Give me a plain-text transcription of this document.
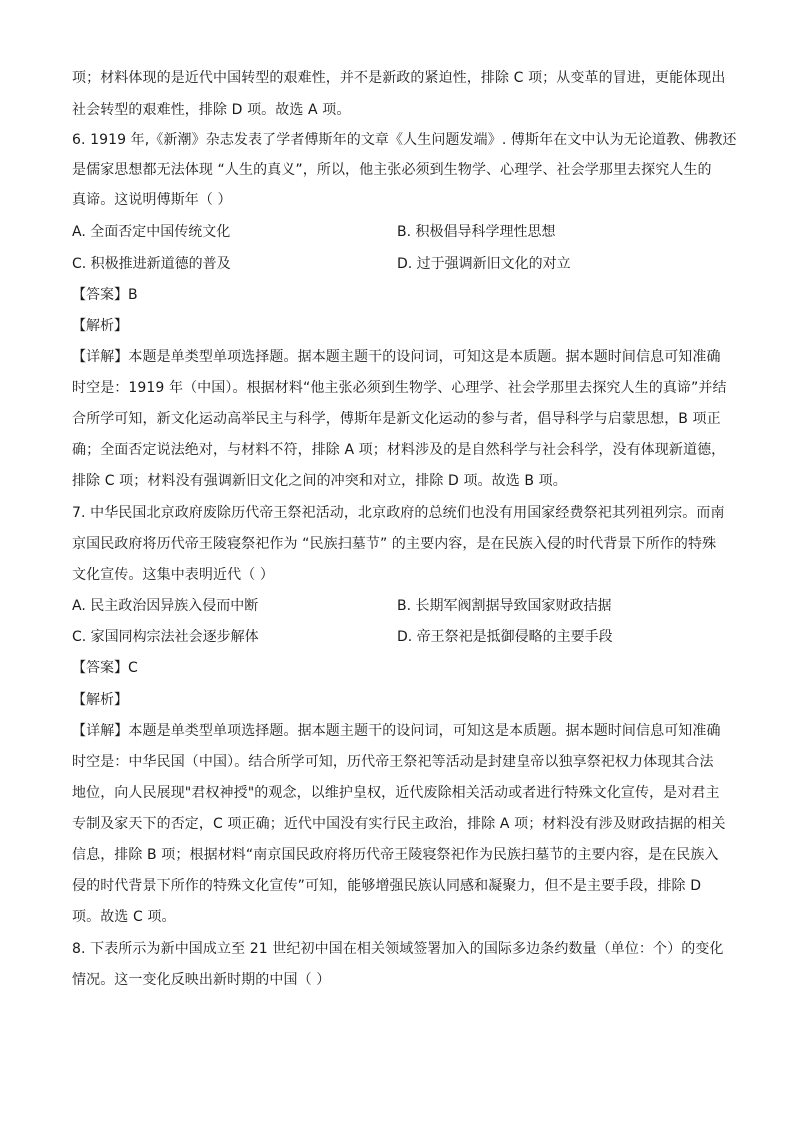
项；材料体现的是近代中国转型的艰难性，并不是新政的紧迫性，排除 C 项；从变革的冒进，更能体现出
社会转型的艰难性，排除 D 项。故选 A 项。
6. 1919 年,《新潮》杂志发表了学者傅斯年的文章《人生问题发端》. 傅斯年在文中认为无论道教、佛教还
是儒家思想都无法体现 “人生的真义”，所以，他主张必须到生物学、心理学、社会学那里去探究人生的
真谛。这说明傅斯年（ ）
A. 全面否定中国传统文化	B. 积极倡导科学理性思想
C. 积极推进新道德的普及	D. 过于强调新旧文化的对立
【答案】B
【解析】
【详解】本题是单类型单项选择题。据本题主题干的设问词，可知这是本质题。据本题时间信息可知准确
时空是：1919 年（中国）。根据材料“他主张必须到生物学、心理学、社会学那里去探究人生的真谛”并结
合所学可知，新文化运动高举民主与科学，傅斯年是新文化运动的参与者，倡导科学与启蒙思想，B 项正
确；全面否定说法绝对，与材料不符，排除 A 项；材料涉及的是自然科学与社会科学，没有体现新道德，
排除 C 项；材料没有强调新旧文化之间的冲突和对立，排除 D 项。故选 B 项。
7. 中华民国北京政府废除历代帝王祭祀活动，北京政府的总统们也没有用国家经费祭祀其列祖列宗。而南
京国民政府将历代帝王陵寝祭祀作为 “民族扫墓节” 的主要内容，是在民族入侵的时代背景下所作的特殊
文化宣传。这集中表明近代（ ）
A. 民主政治因异族入侵而中断	B. 长期军阀割据导致国家财政拮据
C. 家国同构宗法社会逐步解体	D. 帝王祭祀是抵御侵略的主要手段
【答案】C
【解析】
【详解】本题是单类型单项选择题。据本题主题干的设问词，可知这是本质题。据本题时间信息可知准确
时空是：中华民国（中国）。结合所学可知，历代帝王祭祀等活动是封建皇帝以独享祭祀权力体现其合法
地位，向人民展现"君权神授"的观念，以维护皇权，近代废除相关活动或者进行特殊文化宣传，是对君主
专制及家天下的否定，C 项正确；近代中国没有实行民主政治，排除 A 项；材料没有涉及财政拮据的相关
信息，排除 B 项；根据材料“南京国民政府将历代帝王陵寝祭祀作为民族扫墓节的主要内容，是在民族入
侵的时代背景下所作的特殊文化宣传”可知，能够增强民族认同感和凝聚力，但不是主要手段，排除 D
项。故选 C 项。
8. 下表所示为新中国成立至 21 世纪初中国在相关领域签署加入的国际多边条约数量（单位：个）的变化
情况。这一变化反映出新时期的中国（ ）
